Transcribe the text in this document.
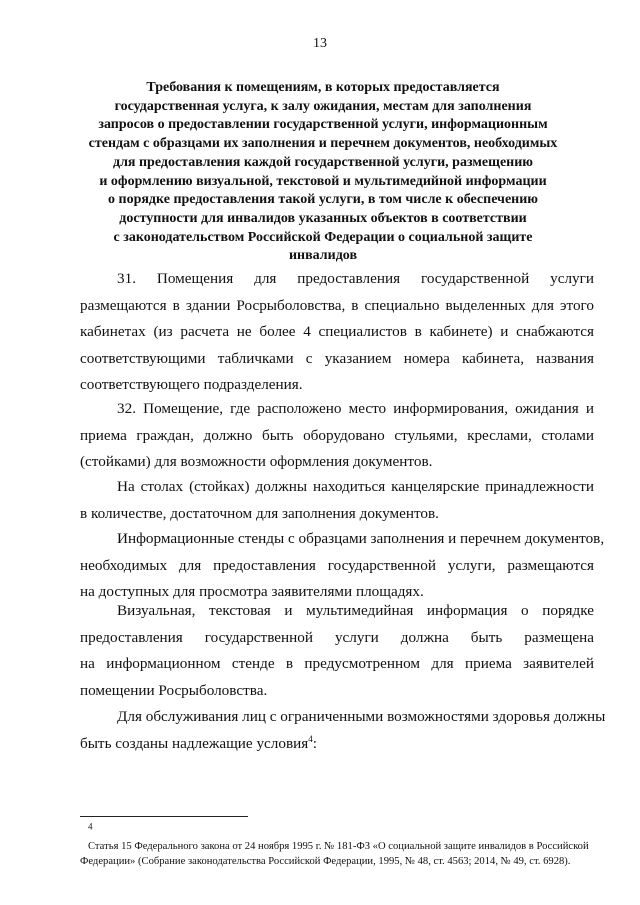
13
Требования к помещениям, в которых предоставляется
государственная услуга, к залу ожидания, местам для заполнения
запросов о предоставлении государственной услуги, информационным
стендам с образцами их заполнения и перечнем документов, необходимых
для предоставления каждой государственной услуги, размещению
и оформлению визуальной, текстовой и мультимедийной информации
о порядке предоставления такой услуги, в том числе к обеспечению
доступности для инвалидов указанных объектов в соответствии
с законодательством Российской Федерации о социальной защите
инвалидов
31. Помещения для предоставления государственной услуги
размещаются в здании Росрыболовства, в специально выделенных для этого
кабинетах (из расчета не более 4 специалистов в кабинете) и снабжаются
соответствующими табличками с указанием номера кабинета, названия
соответствующего подразделения.
32. Помещение, где расположено место информирования, ожидания и
приема граждан, должно быть оборудовано стульями, креслами, столами
(стойками) для возможности оформления документов.
На столах (стойках) должны находиться канцелярские принадлежности
в количестве, достаточном для заполнения документов.
Информационные стенды с образцами заполнения и перечнем документов,
необходимых для предоставления государственной услуги, размещаются
на доступных для просмотра заявителями площадях.
Визуальная, текстовая и мультимедийная информация о порядке
предоставления государственной услуги должна быть размещена
на информационном стенде в предусмотренном для приема заявителей
помещении Росрыболовства.
Для обслуживания лиц с ограниченными возможностями здоровья должны
быть созданы надлежащие условия$^4$:
$^4$
Статья 15 Федерального закона от 24 ноября 1995 г. № 181-ФЗ «О социальной защите инвалидов в Российской
Федерации» (Собрание законодательства Российской Федерации, 1995, № 48, ст. 4563; 2014, № 49, ст. 6928).
